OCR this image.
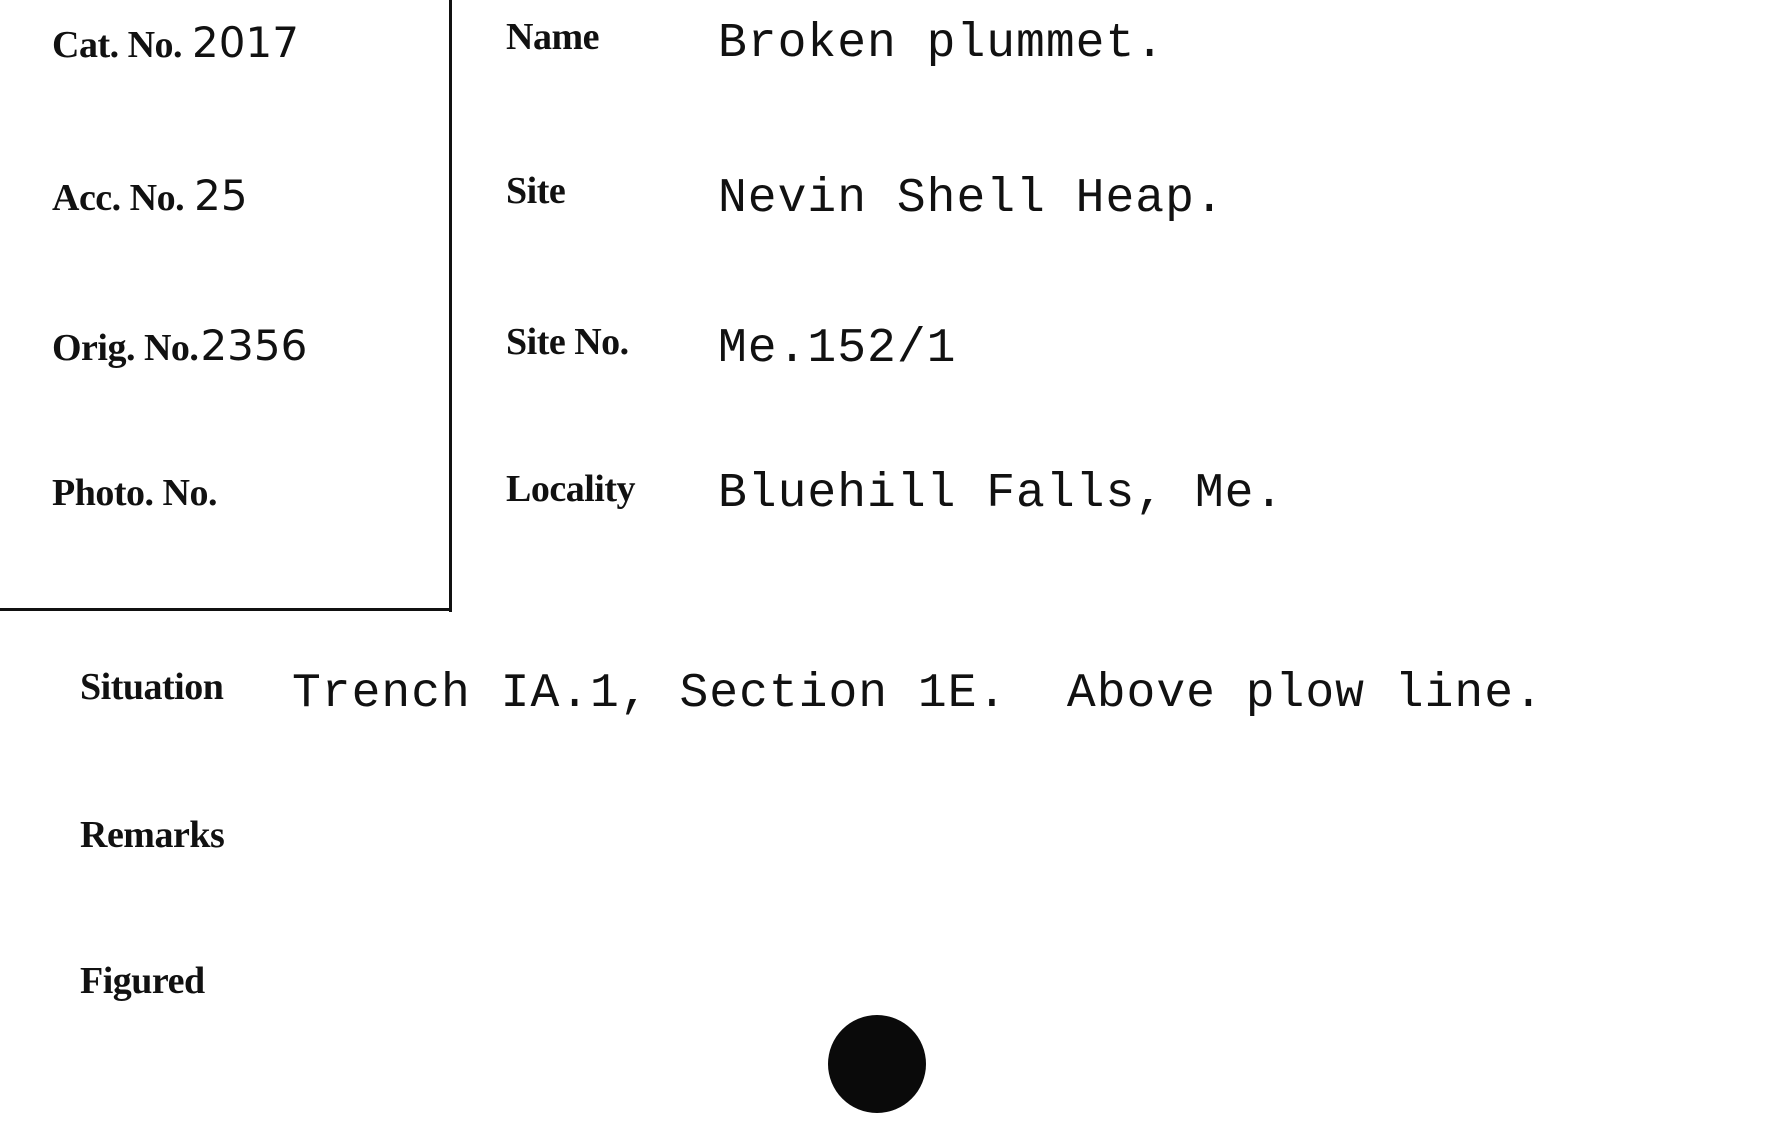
Cat. No. 2017
Acc. No. 25
Orig. No.2356
Photo. No.
Name
Site
Site No.
Locality
Broken plummet.
Nevin Shell Heap.
Me.152/1
Bluehill Falls, Me.
Situation Trench IA.1, Section 1E.  Above plow line.
Remarks
Figured
